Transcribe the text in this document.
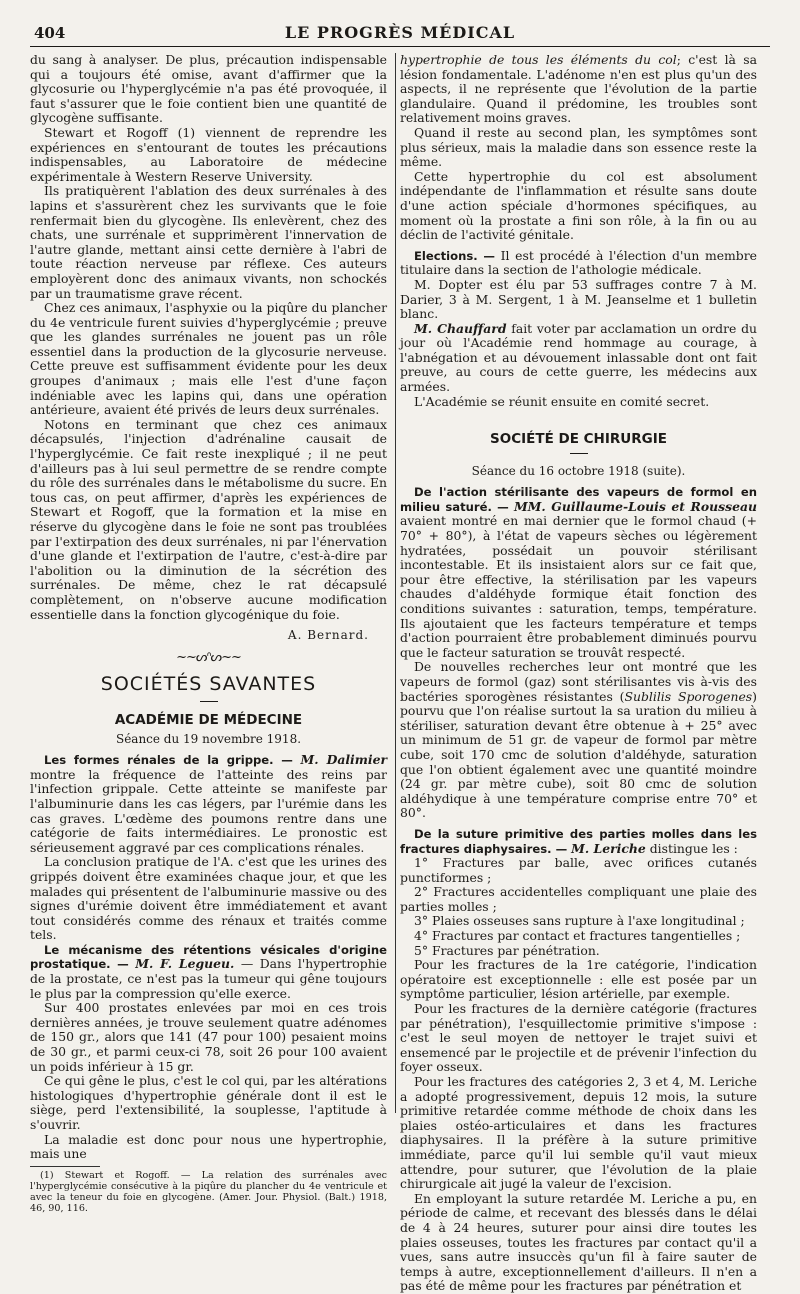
404	LE PROGRÈS MÉDICAL

du sang à analyser. De plus, précaution indispensable qui a toujours été omise, avant d'affirmer que la glycosurie ou l'hyperglycémie n'a pas été provoquée, il faut s'assurer que le foie contient bien une quantité de glycogène suffisante.

Stewart et Rogoff (1) viennent de reprendre les expériences en s'entourant de toutes les précautions indispensables, au Laboratoire de médecine expérimentale à Western Reserve University.

Ils pratiquèrent l'ablation des deux surrénales à des lapins et s'assurèrent chez les survivants que le foie renfermait bien du glycogène. Ils enlevèrent, chez des chats, une surrénale et supprimèrent l'innervation de l'autre glande, mettant ainsi cette dernière à l'abri de toute réaction nerveuse par réflexe. Ces auteurs employèrent donc des animaux vivants, non schockés par un traumatisme grave récent.

Chez ces animaux, l'asphyxie ou la piqûre du plancher du 4e ventricule furent suivies d'hyperglycémie ; preuve que les glandes surrénales ne jouent pas un rôle essentiel dans la production de la glycosurie nerveuse. Cette preuve est suffisamment évidente pour les deux groupes d'animaux ; mais elle l'est d'une façon indéniable avec les lapins qui, dans une opération antérieure, avaient été privés de leurs deux surrénales.

Notons en terminant que chez ces animaux décapsulés, l'injection d'adrénaline causait de l'hyperglycémie. Ce fait reste inexpliqué ; il ne peut d'ailleurs pas à lui seul permettre de se rendre compte du rôle des surrénales dans le métabolisme du sucre. En tous cas, on peut affirmer, d'après les expériences de Stewart et Rogoff, que la formation et la mise en réserve du glycogène dans le foie ne sont pas troublées par l'extirpation des deux surrénales, ni par l'énervation d'une glande et l'extirpation de l'autre, c'est-à-dire par l'abolition ou la diminution de la sécrétion des surrénales. De même, chez le rat décapsulé complètement, on n'observe aucune modification essentielle dans la fonction glycogénique du foie.

A. Bernard.
~~ᔕᐢᔕ~~
SOCIÉTÉS SAVANTES
ACADÉMIE DE MÉDECINE
Séance du 19 novembre 1918.

Les formes rénales de la grippe. — M. Dalimier montre la fréquence de l'atteinte des reins par l'infection grippale. Cette atteinte se manifeste par l'albuminurie dans les cas légers, par l'urémie dans les cas graves. L'œdème des poumons rentre dans une catégorie de faits intermédiaires. Le pronostic est sérieusement aggravé par ces complications rénales.

La conclusion pratique de l'A. c'est que les urines des grippés doivent être examinées chaque jour, et que les malades qui présentent de l'albuminurie massive ou des signes d'urémie doivent être immédiatement et avant tout considérés comme des rénaux et traités comme tels.

Le mécanisme des rétentions vésicales d'origine prostatique. — M. F. Legueu. — Dans l'hypertrophie de la prostate, ce n'est pas la tumeur qui gêne toujours le plus par la compression qu'elle exerce.

Sur 400 prostates enlevées par moi en ces trois dernières années, je trouve seulement quatre adénomes de 150 gr., alors que 141 (47 pour 100) pesaient moins de 30 gr., et parmi ceux-ci 78, soit 26 pour 100 avaient un poids inférieur à 15 gr.

Ce qui gêne le plus, c'est le col qui, par les altérations histologiques d'hypertrophie générale dont il est le siège, perd l'extensibilité, la souplesse, l'aptitude à s'ouvrir.

La maladie est donc pour nous une hypertrophie, mais une

(1) Stewart et Rogoff. — La relation des surrénales avec l'hyperglycémie consécutive à la piqûre du plancher du 4e ventricule et avec la teneur du foie en glycogène. (Amer. Jour. Physiol. (Balt.) 1918, 46, 90, 116.

hypertrophie de tous les éléments du col; c'est là sa lésion fondamentale. L'adénome n'en est plus qu'un des aspects, il ne représente que l'évolution de la partie glandulaire. Quand il prédomine, les troubles sont relativement moins graves.

Quand il reste au second plan, les symptômes sont plus sérieux, mais la maladie dans son essence reste la même.

Cette hypertrophie du col est absolument indépendante de l'inflammation et résulte sans doute d'une action spéciale d'hormones spécifiques, au moment où la prostate a fini son rôle, à la fin ou au déclin de l'activité génitale.

Elections. — Il est procédé à l'élection d'un membre titulaire dans la section de l'athologie médicale.

M. Dopter est élu par 53 suffrages contre 7 à M. Darier, 3 à M. Sergent, 1 à M. Jeanselme et 1 bulletin blanc.

M. Chauffard fait voter par acclamation un ordre du jour où l'Académie rend hommage au courage, à l'abnégation et au dévouement inlassable dont ont fait preuve, au cours de cette guerre, les médecins aux armées.

L'Académie se réunit ensuite en comité secret.

SOCIÉTÉ DE CHIRURGIE
Séance du 16 octobre 1918 (suite).

De l'action stérilisante des vapeurs de formol en milieu saturé. — MM. Guillaume-Louis et Rousseau avaient montré en mai dernier que le formol chaud (+ 70° + 80°), à l'état de vapeurs sèches ou légèrement hydratées, possédait un pouvoir stérilisant incontestable. Et ils insistaient alors sur ce fait que, pour être effective, la stérilisation par les vapeurs chaudes d'aldéhyde formique était fonction des conditions suivantes : saturation, temps, température. Ils ajoutaient que les facteurs température et temps d'action pourraient être probablement diminués pourvu que le facteur saturation se trouvât respecté.

De nouvelles recherches leur ont montré que les vapeurs de formol (gaz) sont stérilisantes vis à-vis des bactéries sporogènes résistantes (Sublilis Sporogenes) pourvu que l'on réalise surtout la sa uration du milieu à stériliser, saturation devant être obtenue à + 25° avec un minimum de 51 gr. de vapeur de formol par mètre cube, soit 170 cmc de solution d'aldéhyde, saturation que l'on obtient également avec une quantité moindre (24 gr. par mètre cube), soit 80 cmc de solution aldéhydique à une température comprise entre 70° et 80°.

De la suture primitive des parties molles dans les fractures diaphysaires. — M. Leriche distingue les :

1° Fractures par balle, avec orifices cutanés punctiformes ;

2° Fractures accidentelles compliquant une plaie des parties molles ;

3° Plaies osseuses sans rupture à l'axe longitudinal ;

4° Fractures par contact et fractures tangentielles ;

5° Fractures par pénétration.

Pour les fractures de la 1re catégorie, l'indication opératoire est exceptionnelle : elle est posée par un symptôme particulier, lésion artérielle, par exemple.

Pour les fractures de la dernière catégorie (fractures par pénétration), l'esquillectomie primitive s'impose : c'est le seul moyen de nettoyer le trajet suivi et ensemencé par le projectile et de prévenir l'infection du foyer osseux.

Pour les fractures des catégories 2, 3 et 4, M. Leriche a adopté progressivement, depuis 12 mois, la suture primitive retardée comme méthode de choix dans les plaies ostéo-articulaires et dans les fractures diaphysaires. Il la préfère à la suture primitive immédiate, parce qu'il lui semble qu'il vaut mieux attendre, pour suturer, que l'évolution de la plaie chirurgicale ait jugé la valeur de l'excision.

En employant la suture retardée M. Leriche a pu, en période de calme, et recevant des blessés dans le délai de 4 à 24 heures, suturer pour ainsi dire toutes les plaies osseuses, toutes les fractures par contact qu'il a vues, sans autre insuccès qu'un fil à faire sauter de temps à autre, exceptionnellement d'ailleurs. Il n'en a pas été de même pour les fractures par pénétration et
